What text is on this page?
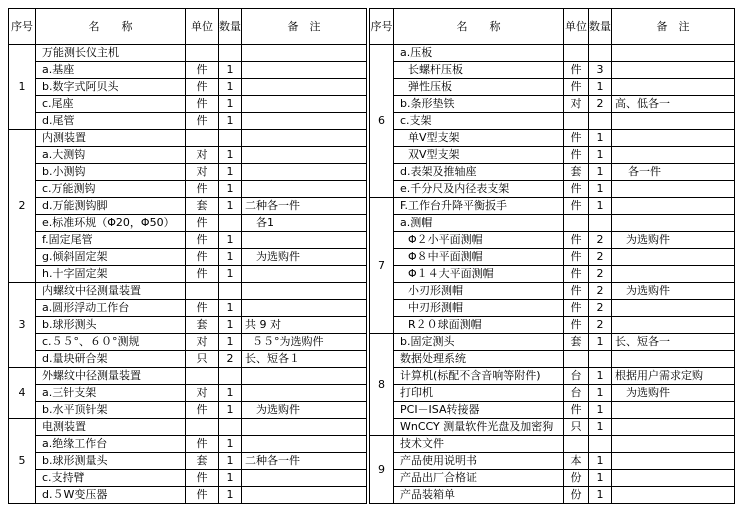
序号	名　　称	单位	数量	备　注
1	万能测长仪主机			
	a.基座	件	1	
	b.数字式阿贝头	件	1	
	c.尾座	件	1	
	d.尾管	件	1	
2	内测装置			
	a.大测钩	对	1	
	b.小测钩	对	1	
	c.万能测钩	件	1	
	d.万能测钩脚	套	1	二种各一件
	e.标准环规（Φ20，Φ50）	件		各1
	f.固定尾管	件	1	
	g.倾斜固定架	件	1	为选购件
	h.十字固定架	件	1	
3	内螺纹中径测量装置			
	a.圆形浮动工作台	件	1	
	b.球形测头	套	1	共 9 对
	c.５５°、６０°测规	对	1	５５°为选购件
	d.量块研合架	只	2	长、短各１
4	外螺纹中径测量装置			
	a.三针支架	对	1	
	b.水平顶针架	件	1	为选购件
5	电测装置			
	a.绝缘工作台	件	1	
	b.球形测量头	套	1	二种各一件
	c.支持臂	件	1	
	d.５W变压器	件	1	
序号	名　　称	单位	数量	备　注
6	a.压板			
	长螺杆压板	件	3	
	弹性压板	件	1	
	b.条形垫铁	对	2	高、低各一
	c.支架			
	单V型支架	件	1	
	双V型支架	件	1	
	d.表架及推轴座	套	1	各一件
	e.千分尺及内径表支架	件	1	
7	F.工作台升降平衡扳手	件	1	
	a.测帽			
	Φ２小平面测帽	件	2	为选购件
	Φ８中平面测帽	件	2	
	Φ１４大平面测帽	件	2	
	小刃形测帽	件	2	为选购件
	中刃形测帽	件	2	
	R２０球面测帽	件	2	
8	b.固定测头	套	1	长、短各一
	数据处理系统			
	计算机(标配不含音响等附件)	台	1	根据用户需求定购
	打印机	台	1	为选购件
	PCI－ISA转接器	件	1	
	WnCCY 测量软件光盘及加密狗	只	1	
9	技术文件			
	产品使用说明书	本	1	
	产品出厂合格证	份	1	
	产品装箱单	份	1	
